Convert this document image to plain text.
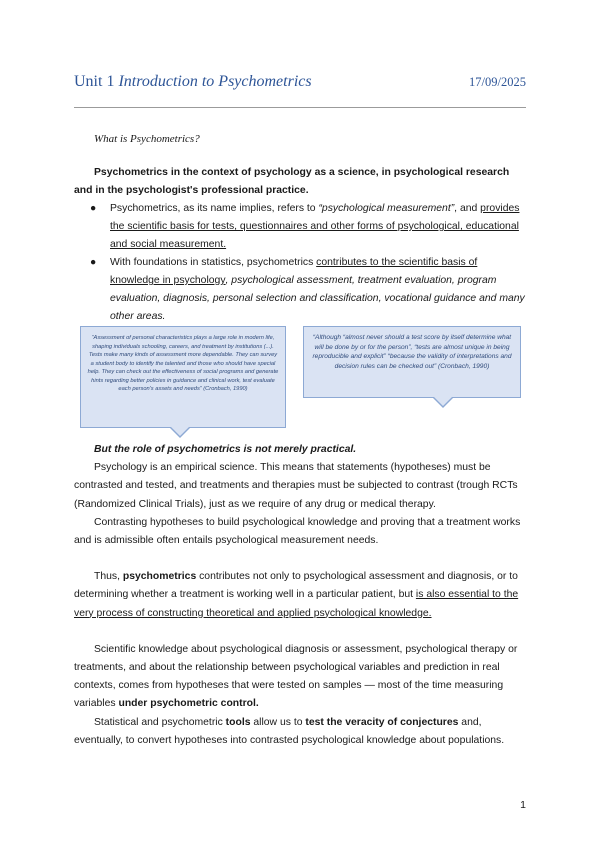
Unit 1 Introduction to Psychometrics	17/09/2025

What is Psychometrics?

Psychometrics in the context of psychology as a science, in psychological research and in the psychologist's professional practice.

● Psychometrics, as its name implies, refers to “psychological measurement”, and provides the scientific basis for tests, questionnaires and other forms of psychological, educational and social measurement.
● With foundations in statistics, psychometrics contributes to the scientific basis of knowledge in psychology, psychological assessment, treatment evaluation, program evaluation, diagnosis, personal selection and classification, vocational guidance and many other areas.
“Assessment of personal characteristics plays a large role in modern life, shaping individuals schooling, careers, and treatment by institutions (...). Tests make many kinds of assessment more dependable. They can survey a student body to identify the talented and those who should have special help. They can check out the effectiveness of social programs and generate hints regarding better policies in guidance and clinical work, test evaluate each person's assets and needs” (Cronbach, 1990)
“Although “almost never should a test score by itself determine what will be done by or for the person”, “tests are almost unique in being reproducible and explicit” “because the validity of interpretations and decision rules can be checked out” (Cronbach, 1990)

But the role of psychometrics is not merely practical.

Psychology is an empirical science. This means that statements (hypotheses) must be contrasted and tested, and treatments and therapies must be subjected to contrast (trough RCTs (Randomized Clinical Trials), just as we require of any drug or medical therapy.

Contrasting hypotheses to build psychological knowledge and proving that a treatment works and is admissible often entails psychological measurement needs.

Thus, psychometrics contributes not only to psychological assessment and diagnosis, or to determining whether a treatment is working well in a particular patient, but is also essential to the very process of constructing theoretical and applied psychological knowledge.

Scientific knowledge about psychological diagnosis or assessment, psychological therapy or treatments, and about the relationship between psychological variables and prediction in real contexts, comes from hypotheses that were tested on samples — most of the time measuring variables under psychometric control.

Statistical and psychometric tools allow us to test the veracity of conjectures and, eventually, to convert hypotheses into contrasted psychological knowledge about populations.

1
